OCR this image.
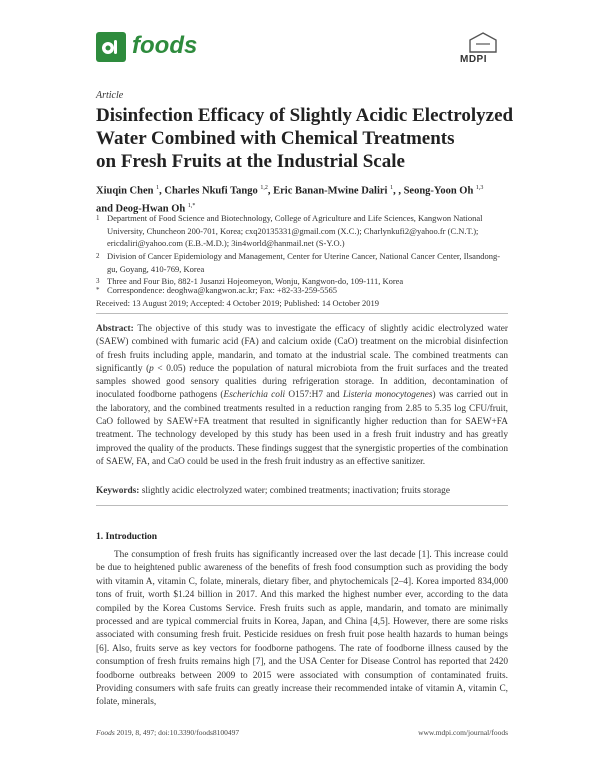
foods
MDPI
Article
Disinfection Efficacy of Slightly Acidic Electrolyzed
Water Combined with Chemical Treatments
on Fresh Fruits at the Industrial Scale
Xiuqin Chen $^1$, Charles Nkufi Tango $^{1,2}$, Eric Banan-Mwine Daliri $^1$, , Seong-Yoon Oh $^{1,3}$
and Deog-Hwan Oh $^{1,*}$
1 Department of Food Science and Biotechnology, College of Agriculture and Life Sciences, Kangwon National University, Chuncheon 200-701, Korea; cxq20135331@gmail.com (X.C.); Charlynkufi2@yahoo.fr (C.N.T.); ericdaliri@yahoo.com (E.B.-M.D.); 3in4world@hanmail.net (S-Y.O.)
2 Division of Cancer Epidemiology and Management, Center for Uterine Cancer, National Cancer Center, Ilsandong-gu, Goyang, 410-769, Korea
3 Three and Four Bio, 882-1 Jusanzi Hojeomeyon, Wonju, Kangwon-do, 109-111, Korea
* Correspondence: deoghwa@kangwon.ac.kr; Fax: +82-33-259-5565
Received: 13 August 2019; Accepted: 4 October 2019; Published: 14 October 2019
Abstract: The objective of this study was to investigate the efficacy of slightly acidic electrolyzed water (SAEW) combined with fumaric acid (FA) and calcium oxide (CaO) treatment on the microbial disinfection of fresh fruits including apple, mandarin, and tomato at the industrial scale. The combined treatments can significantly (p < 0.05) reduce the population of natural microbiota from the fruit surfaces and the treated samples showed good sensory qualities during refrigeration storage. In addition, decontamination of inoculated foodborne pathogens (Escherichia coli O157:H7 and Listeria monocytogenes) was carried out in the laboratory, and the combined treatments resulted in a reduction ranging from 2.85 to 5.35 log CFU/fruit, CaO followed by SAEW+FA treatment that resulted in significantly higher reduction than for SAEW+FA treatment. The technology developed by this study has been used in a fresh fruit industry and has greatly improved the quality of the products. These findings suggest that the synergistic properties of the combination of SAEW, FA, and CaO could be used in the fresh fruit industry as an effective sanitizer.
Keywords: slightly acidic electrolyzed water; combined treatments; inactivation; fruits storage
1. Introduction
The consumption of fresh fruits has significantly increased over the last decade [1]. This increase could be due to heightened public awareness of the benefits of fresh food consumption such as providing the body with vitamin A, vitamin C, folate, minerals, dietary fiber, and phytochemicals [2–4]. Korea imported 834,000 tons of fruit, worth $1.24 billion in 2017. And this marked the highest number ever, according to the data compiled by the Korea Customs Service. Fresh fruits such as apple, mandarin, and tomato are minimally processed and are typical commercial fruits in Korea, Japan, and China [4,5]. However, there are some risks associated with consuming fresh fruit. Pesticide residues on fresh fruit pose health hazards to human beings [6]. Also, fruits serve as key vectors for foodborne pathogens. The rate of foodborne illness caused by the consumption of fresh fruits remains high [7], and the USA Center for Disease Control has reported that 2420 foodborne outbreaks between 2009 to 2015 were associated with consumption of contaminated fruits. Providing consumers with safe fruits can greatly increase their recommended intake of vitamin A, vitamin C, folate, minerals,
Foods 2019, 8, 497; doi:10.3390/foods8100497	www.mdpi.com/journal/foods
